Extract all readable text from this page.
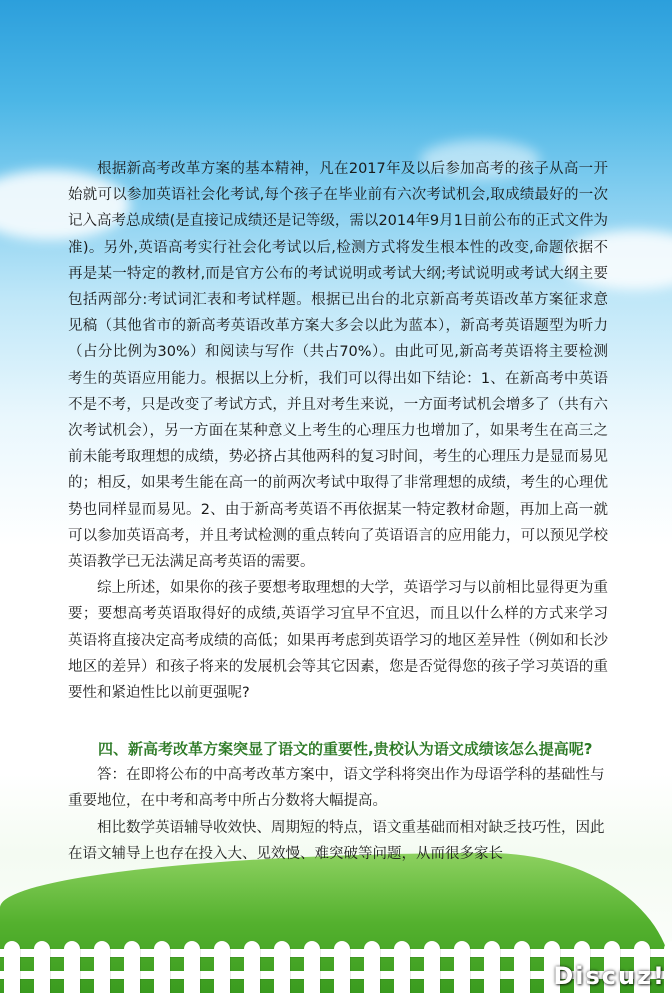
根据新高考改革方案的基本精神，凡在2017年及以后参加高考的孩子从高一开始就可以参加英语社会化考试,每个孩子在毕业前有六次考试机会,取成绩最好的一次记入高考总成绩(是直接记成绩还是记等级，需以2014年9月1日前公布的正式文件为准)。另外,英语高考实行社会化考试以后,检测方式将发生根本性的改变,命题依据不再是某一特定的教材,而是官方公布的考试说明或考试大纲;考试说明或考试大纲主要包括两部分:考试词汇表和考试样题。根据已出台的北京新高考英语改革方案征求意见稿（其他省市的新高考英语改革方案大多会以此为蓝本），新高考英语题型为听力（占分比例为30%）和阅读与写作（共占70%）。由此可见,新高考英语将主要检测考生的英语应用能力。根据以上分析，我们可以得出如下结论：1、在新高考中英语不是不考，只是改变了考试方式，并且对考生来说，一方面考试机会增多了（共有六次考试机会），另一方面在某种意义上考生的心理压力也增加了，如果考生在高三之前未能考取理想的成绩，势必挤占其他两科的复习时间，考生的心理压力是显而易见的；相反，如果考生能在高一的前两次考试中取得了非常理想的成绩，考生的心理优势也同样显而易见。2、由于新高考英语不再依据某一特定教材命题，再加上高一就可以参加英语高考，并且考试检测的重点转向了英语语言的应用能力，可以预见学校英语教学已无法满足高考英语的需要。

综上所述，如果你的孩子要想考取理想的大学，英语学习与以前相比显得更为重要；要想高考英语取得好的成绩,英语学习宜早不宜迟，而且以什么样的方式来学习英语将直接决定高考成绩的高低；如果再考虑到英语学习的地区差异性（例如和长沙地区的差异）和孩子将来的发展机会等其它因素，您是否觉得您的孩子学习英语的重要性和紧迫性比以前更强呢?

四、新高考改革方案突显了语文的重要性,贵校认为语文成绩该怎么提高呢?

答：在即将公布的中高考改革方案中，语文学科将突出作为母语学科的基础性与重要地位，在中考和高考中所占分数将大幅提高。

相比数学英语辅导收效快、周期短的特点，语文重基础而相对缺乏技巧性，因此在语文辅导上也存在投入大、见效慢、难突破等问题，从而很多家长

Discuz!
